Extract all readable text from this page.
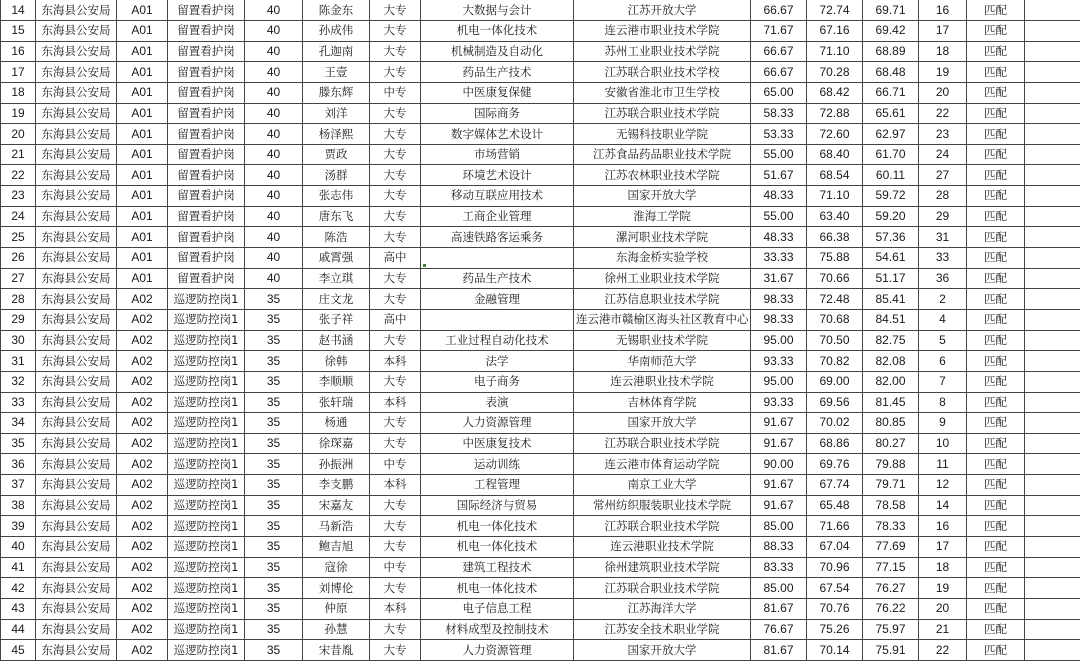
14	东海县公安局	A01	留置看护岗	40	陈金东	大专	大数据与会计	江苏开放大学	66.67	72.74	69.71	16	匹配	
15	东海县公安局	A01	留置看护岗	40	孙成伟	大专	机电一体化技术	连云港市职业技术学院	71.67	67.16	69.42	17	匹配	
16	东海县公安局	A01	留置看护岗	40	孔迦南	大专	机械制造及自动化	苏州工业职业技术学院	66.67	71.10	68.89	18	匹配	
17	东海县公安局	A01	留置看护岗	40	王壹	大专	药品生产技术	江苏联合职业技术学校	66.67	70.28	68.48	19	匹配	
18	东海县公安局	A01	留置看护岗	40	滕东辉	中专	中医康复保健	安徽省淮北市卫生学校	65.00	68.42	66.71	20	匹配	
19	东海县公安局	A01	留置看护岗	40	刘洋	大专	国际商务	江苏联合职业技术学院	58.33	72.88	65.61	22	匹配	
20	东海县公安局	A01	留置看护岗	40	杨泽熙	大专	数字媒体艺术设计	无锡科技职业学院	53.33	72.60	62.97	23	匹配	
21	东海县公安局	A01	留置看护岗	40	贾政	大专	市场营销	江苏食品药品职业技术学院	55.00	68.40	61.70	24	匹配	
22	东海县公安局	A01	留置看护岗	40	汤群	大专	环境艺术设计	江苏农林职业技术学院	51.67	68.54	60.11	27	匹配	
23	东海县公安局	A01	留置看护岗	40	张志伟	大专	移动互联应用技术	国家开放大学	48.33	71.10	59.72	28	匹配	
24	东海县公安局	A01	留置看护岗	40	唐东飞	大专	工商企业管理	淮海工学院	55.00	63.40	59.20	29	匹配	
25	东海县公安局	A01	留置看护岗	40	陈浩	大专	高速铁路客运乘务	漯河职业技术学院	48.33	66.38	57.36	31	匹配	
26	东海县公安局	A01	留置看护岗	40	戚霄强	高中		东海金桥实验学校	33.33	75.88	54.61	33	匹配	
27	东海县公安局	A01	留置看护岗	40	李立琪	大专	药品生产技术	徐州工业职业技术学院	31.67	70.66	51.17	36	匹配	
28	东海县公安局	A02	巡逻防控岗1	35	庄文龙	大专	金融管理	江苏信息职业技术学院	98.33	72.48	85.41	2	匹配	
29	东海县公安局	A02	巡逻防控岗1	35	张子祥	高中		连云港市赣榆区海头社区教育中心	98.33	70.68	84.51	4	匹配	
30	东海县公安局	A02	巡逻防控岗1	35	赵书涵	大专	工业过程自动化技术	无锡职业技术学院	95.00	70.50	82.75	5	匹配	
31	东海县公安局	A02	巡逻防控岗1	35	徐韩	本科	法学	华南师范大学	93.33	70.82	82.08	6	匹配	
32	东海县公安局	A02	巡逻防控岗1	35	李顺顺	大专	电子商务	连云港职业技术学院	95.00	69.00	82.00	7	匹配	
33	东海县公安局	A02	巡逻防控岗1	35	张轩瑞	本科	表演	吉林体育学院	93.33	69.56	81.45	8	匹配	
34	东海县公安局	A02	巡逻防控岗1	35	杨通	大专	人力资源管理	国家开放大学	91.67	70.02	80.85	9	匹配	
35	东海县公安局	A02	巡逻防控岗1	35	徐琛嘉	大专	中医康复技术	江苏联合职业技术学院	91.67	68.86	80.27	10	匹配	
36	东海县公安局	A02	巡逻防控岗1	35	孙振洲	中专	运动训练	连云港市体育运动学院	90.00	69.76	79.88	11	匹配	
37	东海县公安局	A02	巡逻防控岗1	35	李支鹏	本科	工程管理	南京工业大学	91.67	67.74	79.71	12	匹配	
38	东海县公安局	A02	巡逻防控岗1	35	宋嘉友	大专	国际经济与贸易	常州纺织服装职业技术学院	91.67	65.48	78.58	14	匹配	
39	东海县公安局	A02	巡逻防控岗1	35	马新浩	大专	机电一体化技术	江苏联合职业技术学院	85.00	71.66	78.33	16	匹配	
40	东海县公安局	A02	巡逻防控岗1	35	鲍吉旭	大专	机电一体化技术	连云港职业技术学院	88.33	67.04	77.69	17	匹配	
41	东海县公安局	A02	巡逻防控岗1	35	寇徐	中专	建筑工程技术	徐州建筑职业技术学院	83.33	70.96	77.15	18	匹配	
42	东海县公安局	A02	巡逻防控岗1	35	刘博伦	大专	机电一体化技术	江苏联合职业技术学院	85.00	67.54	76.27	19	匹配	
43	东海县公安局	A02	巡逻防控岗1	35	仲原	本科	电子信息工程	江苏海洋大学	81.67	70.76	76.22	20	匹配	
44	东海县公安局	A02	巡逻防控岗1	35	孙慧	大专	材料成型及控制技术	江苏安全技术职业学院	76.67	75.26	75.97	21	匹配	
45	东海县公安局	A02	巡逻防控岗1	35	宋昔胤	大专	人力资源管理	国家开放大学	81.67	70.14	75.91	22	匹配	
